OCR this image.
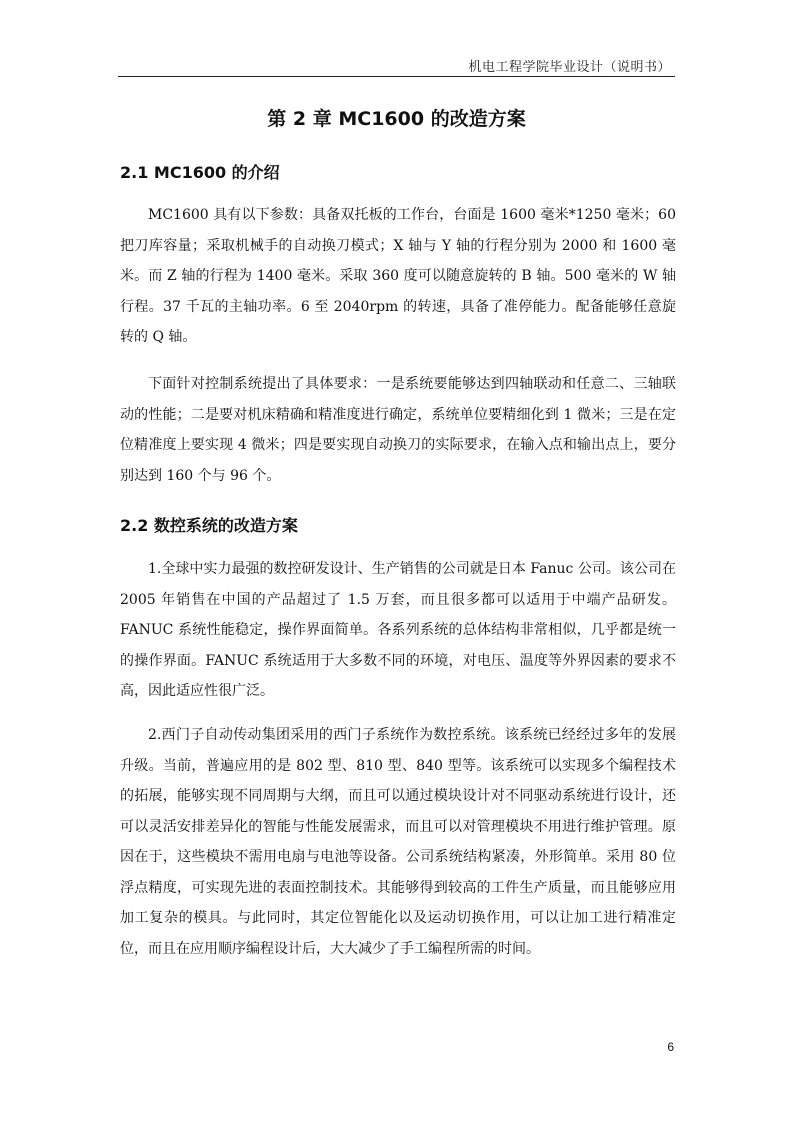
机电工程学院毕业设计（说明书）
第 2 章 MC1600 的改造方案
2.1 MC1600 的介绍

MC1600 具有以下参数：具备双托板的工作台，台面是 1600 毫米*1250 毫米；60 把刀库容量；采取机械手的自动换刀模式；X 轴与 Y 轴的行程分别为 2000 和 1600 毫米。而 Z 轴的行程为 1400 毫米。采取 360 度可以随意旋转的 B 轴。500 毫米的 W 轴行程。37 千瓦的主轴功率。6 至 2040rpm 的转速，具备了准停能力。配备能够任意旋转的 Q 轴。

下面针对控制系统提出了具体要求：一是系统要能够达到四轴联动和任意二、三轴联动的性能；二是要对机床精确和精准度进行确定，系统单位要精细化到 1 微米；三是在定位精准度上要实现 4 微米；四是要实现自动换刀的实际要求，在输入点和输出点上，要分别达到 160 个与 96 个。

2.2 数控系统的改造方案

1.全球中实力最强的数控研发设计、生产销售的公司就是日本 Fanuc 公司。该公司在 2005 年销售在中国的产品超过了 1.5 万套，而且很多都可以适用于中端产品研发。FANUC 系统性能稳定，操作界面简单。各系列系统的总体结构非常相似，几乎都是统一的操作界面。FANUC 系统适用于大多数不同的环境，对电压、温度等外界因素的要求不高，因此适应性很广泛。

2.西门子自动传动集团采用的西门子系统作为数控系统。该系统已经经过多年的发展升级。当前，普遍应用的是 802 型、810 型、840 型等。该系统可以实现多个编程技术的拓展，能够实现不同周期与大纲，而且可以通过模块设计对不同驱动系统进行设计，还可以灵活安排差异化的智能与性能发展需求，而且可以对管理模块不用进行维护管理。原因在于，这些模块不需用电扇与电池等设备。公司系统结构紧凑，外形简单。采用 80 位浮点精度，可实现先进的表面控制技术。其能够得到较高的工件生产质量，而且能够应用加工复杂的模具。与此同时，其定位智能化以及运动切换作用，可以让加工进行精准定位，而且在应用顺序编程设计后，大大减少了手工编程所需的时间。

6
